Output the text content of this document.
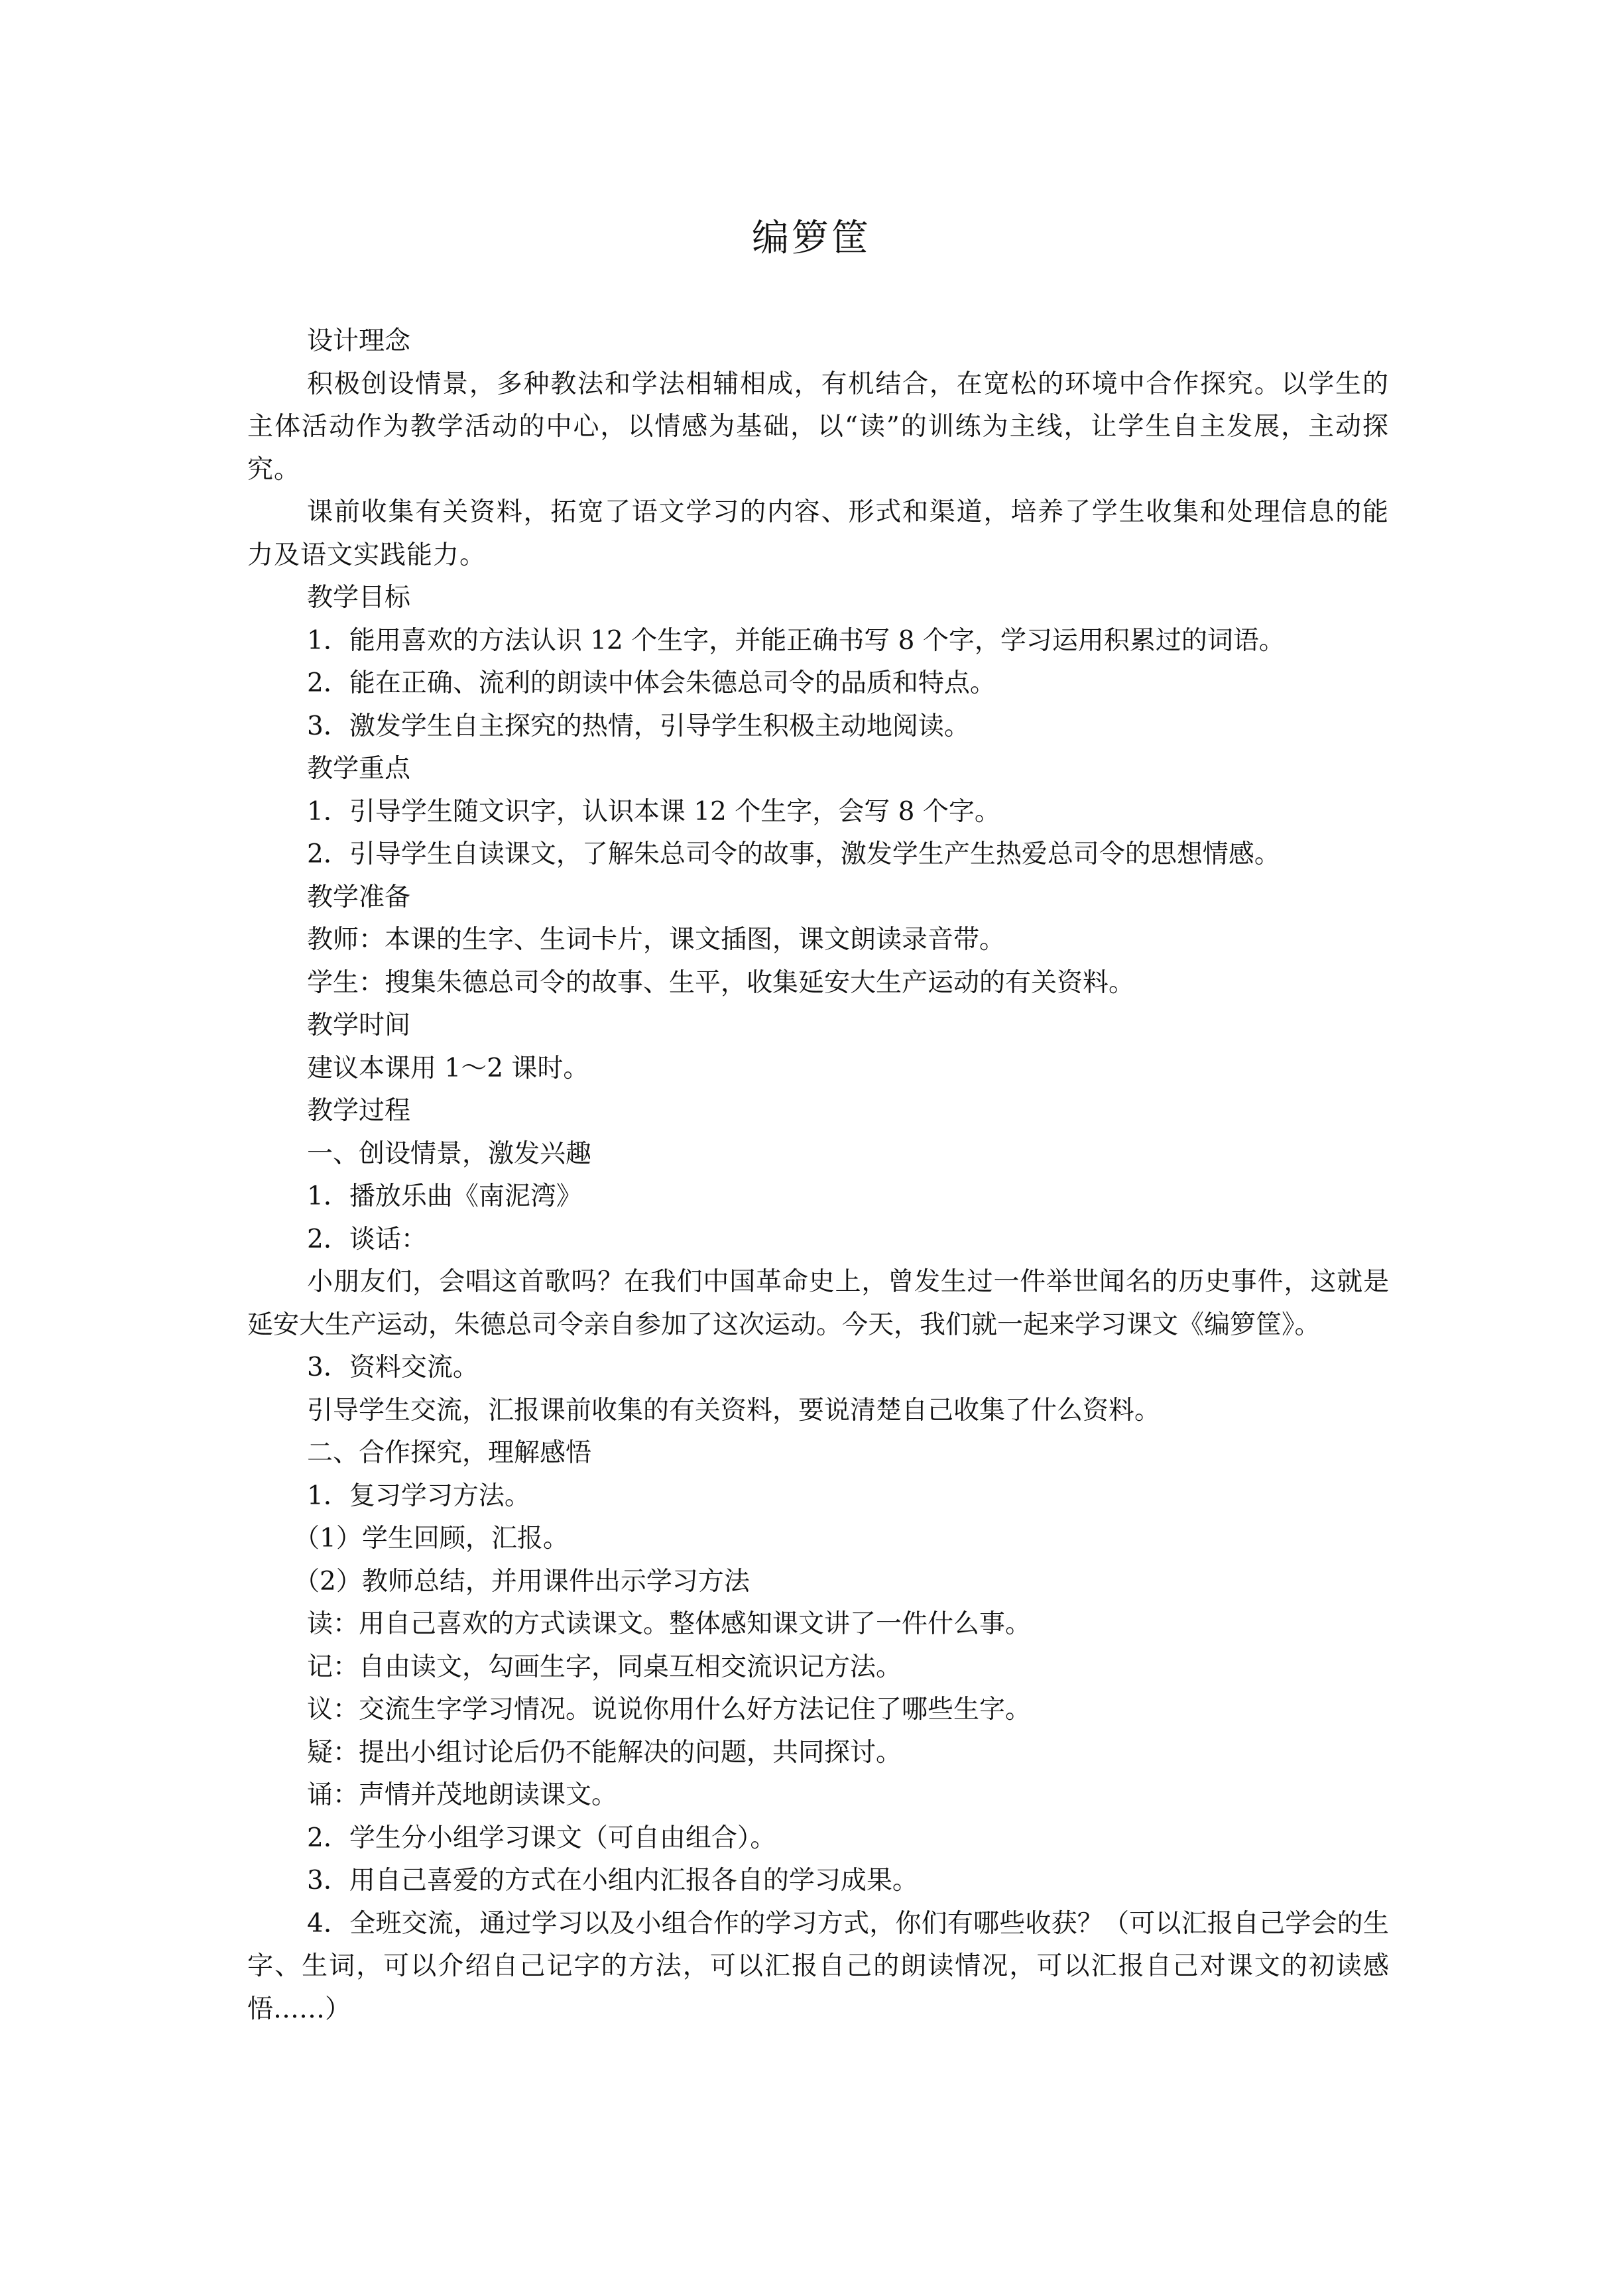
编箩筐

设计理念

积极创设情景，多种教法和学法相辅相成，有机结合，在宽松的环境中合作探究。以学生的主体活动作为教学活动的中心，以情感为基础，以“读”的训练为主线，让学生自主发展，主动探究。

课前收集有关资料，拓宽了语文学习的内容、形式和渠道，培养了学生收集和处理信息的能力及语文实践能力。

教学目标

1．能用喜欢的方法认识 12 个生字，并能正确书写 8 个字，学习运用积累过的词语。

2．能在正确、流利的朗读中体会朱德总司令的品质和特点。

3．激发学生自主探究的热情，引导学生积极主动地阅读。

教学重点

1．引导学生随文识字，认识本课 12 个生字，会写 8 个字。

2．引导学生自读课文，了解朱总司令的故事，激发学生产生热爱总司令的思想情感。

教学准备

教师：本课的生字、生词卡片，课文插图，课文朗读录音带。

学生：搜集朱德总司令的故事、生平，收集延安大生产运动的有关资料。

教学时间

建议本课用 1～2 课时。

教学过程

一、创设情景，激发兴趣

1．播放乐曲《南泥湾》

2．谈话：

小朋友们，会唱这首歌吗？在我们中国革命史上，曾发生过一件举世闻名的历史事件，这就是延安大生产运动，朱德总司令亲自参加了这次运动。今天，我们就一起来学习课文《编箩筐》。

3．资料交流。

引导学生交流，汇报课前收集的有关资料，要说清楚自己收集了什么资料。

二、合作探究，理解感悟

1．复习学习方法。

（1）学生回顾，汇报。

（2）教师总结，并用课件出示学习方法

读：用自己喜欢的方式读课文。整体感知课文讲了一件什么事。

记：自由读文，勾画生字，同桌互相交流识记方法。

议：交流生字学习情况。说说你用什么好方法记住了哪些生字。

疑：提出小组讨论后仍不能解决的问题，共同探讨。

诵：声情并茂地朗读课文。

2．学生分小组学习课文（可自由组合）。

3．用自己喜爱的方式在小组内汇报各自的学习成果。

4．全班交流，通过学习以及小组合作的学习方式，你们有哪些收获？（可以汇报自己学会的生字、生词，可以介绍自己记字的方法，可以汇报自己的朗读情况，可以汇报自己对课文的初读感悟……）
